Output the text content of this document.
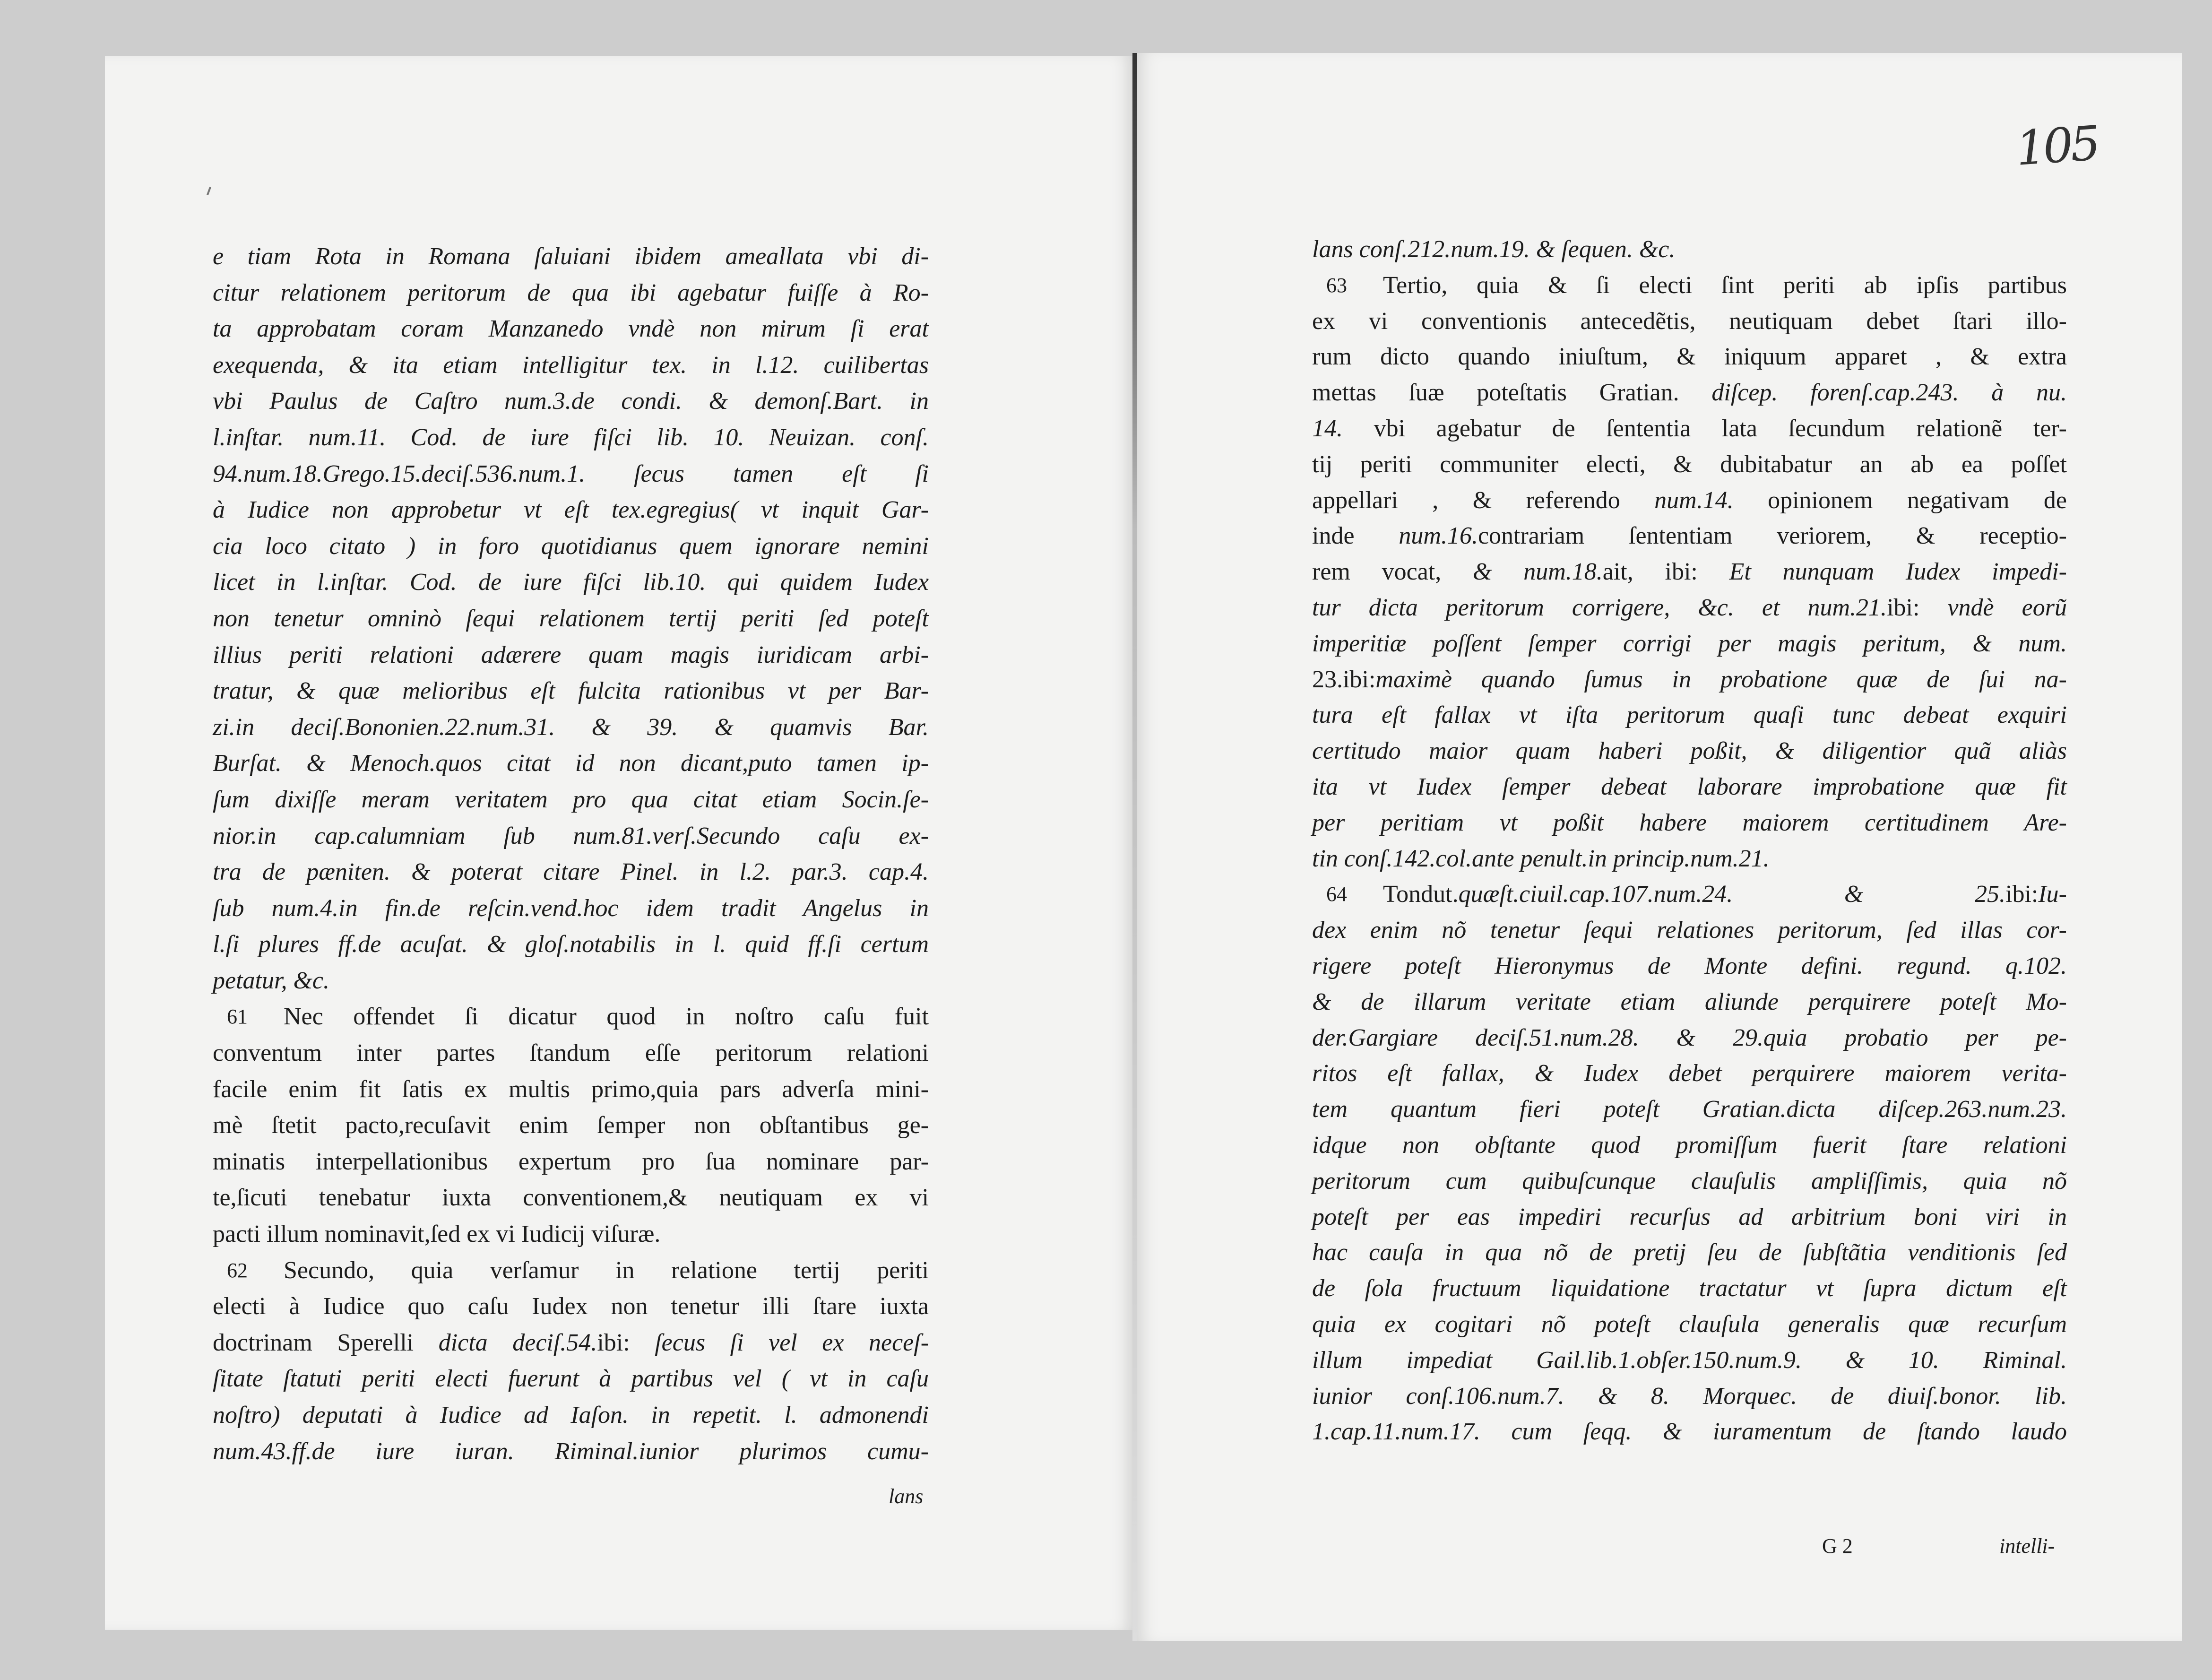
105
e tiam Rota in Romana ſaluiani ibidem ameallata vbi di-
citur relationem peritorum de qua ibi agebatur fuiſſe à Ro-
ta approbatam coram Manzanedo vndè non mirum ſi erat
exequenda, & ita etiam intelligitur tex. in l.12. cuilibertas
vbi Paulus de Caſtro num.3.de condi. & demonſ.Bart. in
l.inſtar. num.11. Cod. de iure fiſci lib. 10. Neuizan. conſ.
94.num.18.Grego.15.deciſ.536.num.1. ſecus tamen eſt ſi
à Iudice non approbetur vt eſt tex.egregius( vt inquit Gar-
cia loco citato ) in foro quotidianus quem ignorare nemini
licet in l.inſtar. Cod. de iure fiſci lib.10. qui quidem Iudex
non tenetur omninò ſequi relationem tertij periti ſed poteſt
illius periti relationi adærere quam magis iuridicam arbi-
tratur, & quæ melioribus eſt fulcita rationibus vt per Bar-
zi.in deciſ.Bononien.22.num.31. & 39. & quamvis Bar.
Burſat. & Menoch.quos citat id non dicant,puto tamen ip-
ſum dixiſſe meram veritatem pro qua citat etiam Socin.ſe-
nior.in cap.calumniam ſub num.81.verſ.Secundo caſu ex-
tra de pæniten. & poterat citare Pinel. in l.2. par.3. cap.4.
ſub num.4.in fin.de reſcin.vend.hoc idem tradit Angelus in
l.ſi plures ff.de acuſat. & gloſ.notabilis in l. quid ff.ſi certum
petatur, &c.
61 Nec offendet ſi dicatur quod in noſtro caſu fuit
conventum inter partes ſtandum eſſe peritorum relationi
facile enim fit ſatis ex multis primo,quia pars adverſa mini-
mè ſtetit pacto,recuſavit enim ſemper non obſtantibus ge-
minatis interpellationibus expertum pro ſua nominare par-
te,ſicuti tenebatur iuxta conventionem,& neutiquam ex vi
pacti illum nominavit,ſed ex vi Iudicij viſuræ.
62 Secundo, quia verſamur in relatione tertij periti
electi à Iudice quo caſu Iudex non tenetur illi ſtare iuxta
doctrinam Sperelli dicta deciſ.54.ibi: ſecus ſi vel ex neceſ-
ſitate ſtatuti periti electi fuerunt à partibus vel ( vt in caſu
noſtro) deputati à Iudice ad Iaſon. in repetit. l. admonendi
num.43.ff.de iure iuran. Riminal.iunior plurimos cumu-
lans
lans conſ.212.num.19. & ſequen. &c.
63 Tertio, quia & ſi electi ſint periti ab ipſis partibus
ex vi conventionis antecedẽtis, neutiquam debet ſtari illo-
rum dicto quando iniuſtum, & iniquum apparet , & extra
mettas ſuæ poteſtatis Gratian. diſcep. forenſ.cap.243. à nu.
14. vbi agebatur de ſententia lata ſecundum relationẽ ter-
tij periti communiter electi, & dubitabatur an ab ea poſſet
appellari , & referendo num.14. opinionem negativam de
inde num.16.contrariam ſententiam veriorem, & receptio-
rem vocat, & num.18.ait, ibi: Et nunquam Iudex impedi-
tur dicta peritorum corrigere, &c. et num.21.ibi: vndè eorũ
imperitiæ poſſent ſemper corrigi per magis peritum, & num.
23.ibi:maximè quando ſumus in probatione quæ de ſui na-
tura eſt fallax vt iſta peritorum quaſi tunc debeat exquiri
certitudo maior quam haberi poßit, & diligentior quã aliàs
ita vt Iudex ſemper debeat laborare improbatione quæ fit
per peritiam vt poßit habere maiorem certitudinem Are-
tin conſ.142.col.ante penult.in princip.num.21.
64 Tondut.quæſt.ciuil.cap.107.num.24. & 25.ibi:Iu-
dex enim nõ tenetur ſequi relationes peritorum, ſed illas cor-
rigere poteſt Hieronymus de Monte defini. regund. q.102.
& de illarum veritate etiam aliunde perquirere poteſt Mo-
der.Gargiare deciſ.51.num.28. & 29.quia probatio per pe-
ritos eſt fallax, & Iudex debet perquirere maiorem verita-
tem quantum fieri poteſt Gratian.dicta diſcep.263.num.23.
idque non obſtante quod promiſſum fuerit ſtare relationi
peritorum cum quibuſcunque clauſulis ampliſſimis, quia nõ
poteſt per eas impediri recurſus ad arbitrium boni viri in
hac cauſa in qua nõ de pretij ſeu de ſubſtãtia venditionis ſed
de ſola fructuum liquidatione tractatur vt ſupra dictum eſt
quia ex cogitari nõ poteſt clauſula generalis quæ recurſum
illum impediat Gail.lib.1.obſer.150.num.9. & 10. Riminal.
iunior conſ.106.num.7. & 8. Morquec. de diuiſ.bonor. lib.
1.cap.11.num.17. cum ſeqq. & iuramentum de ſtando laudo
G 2	intelli-
